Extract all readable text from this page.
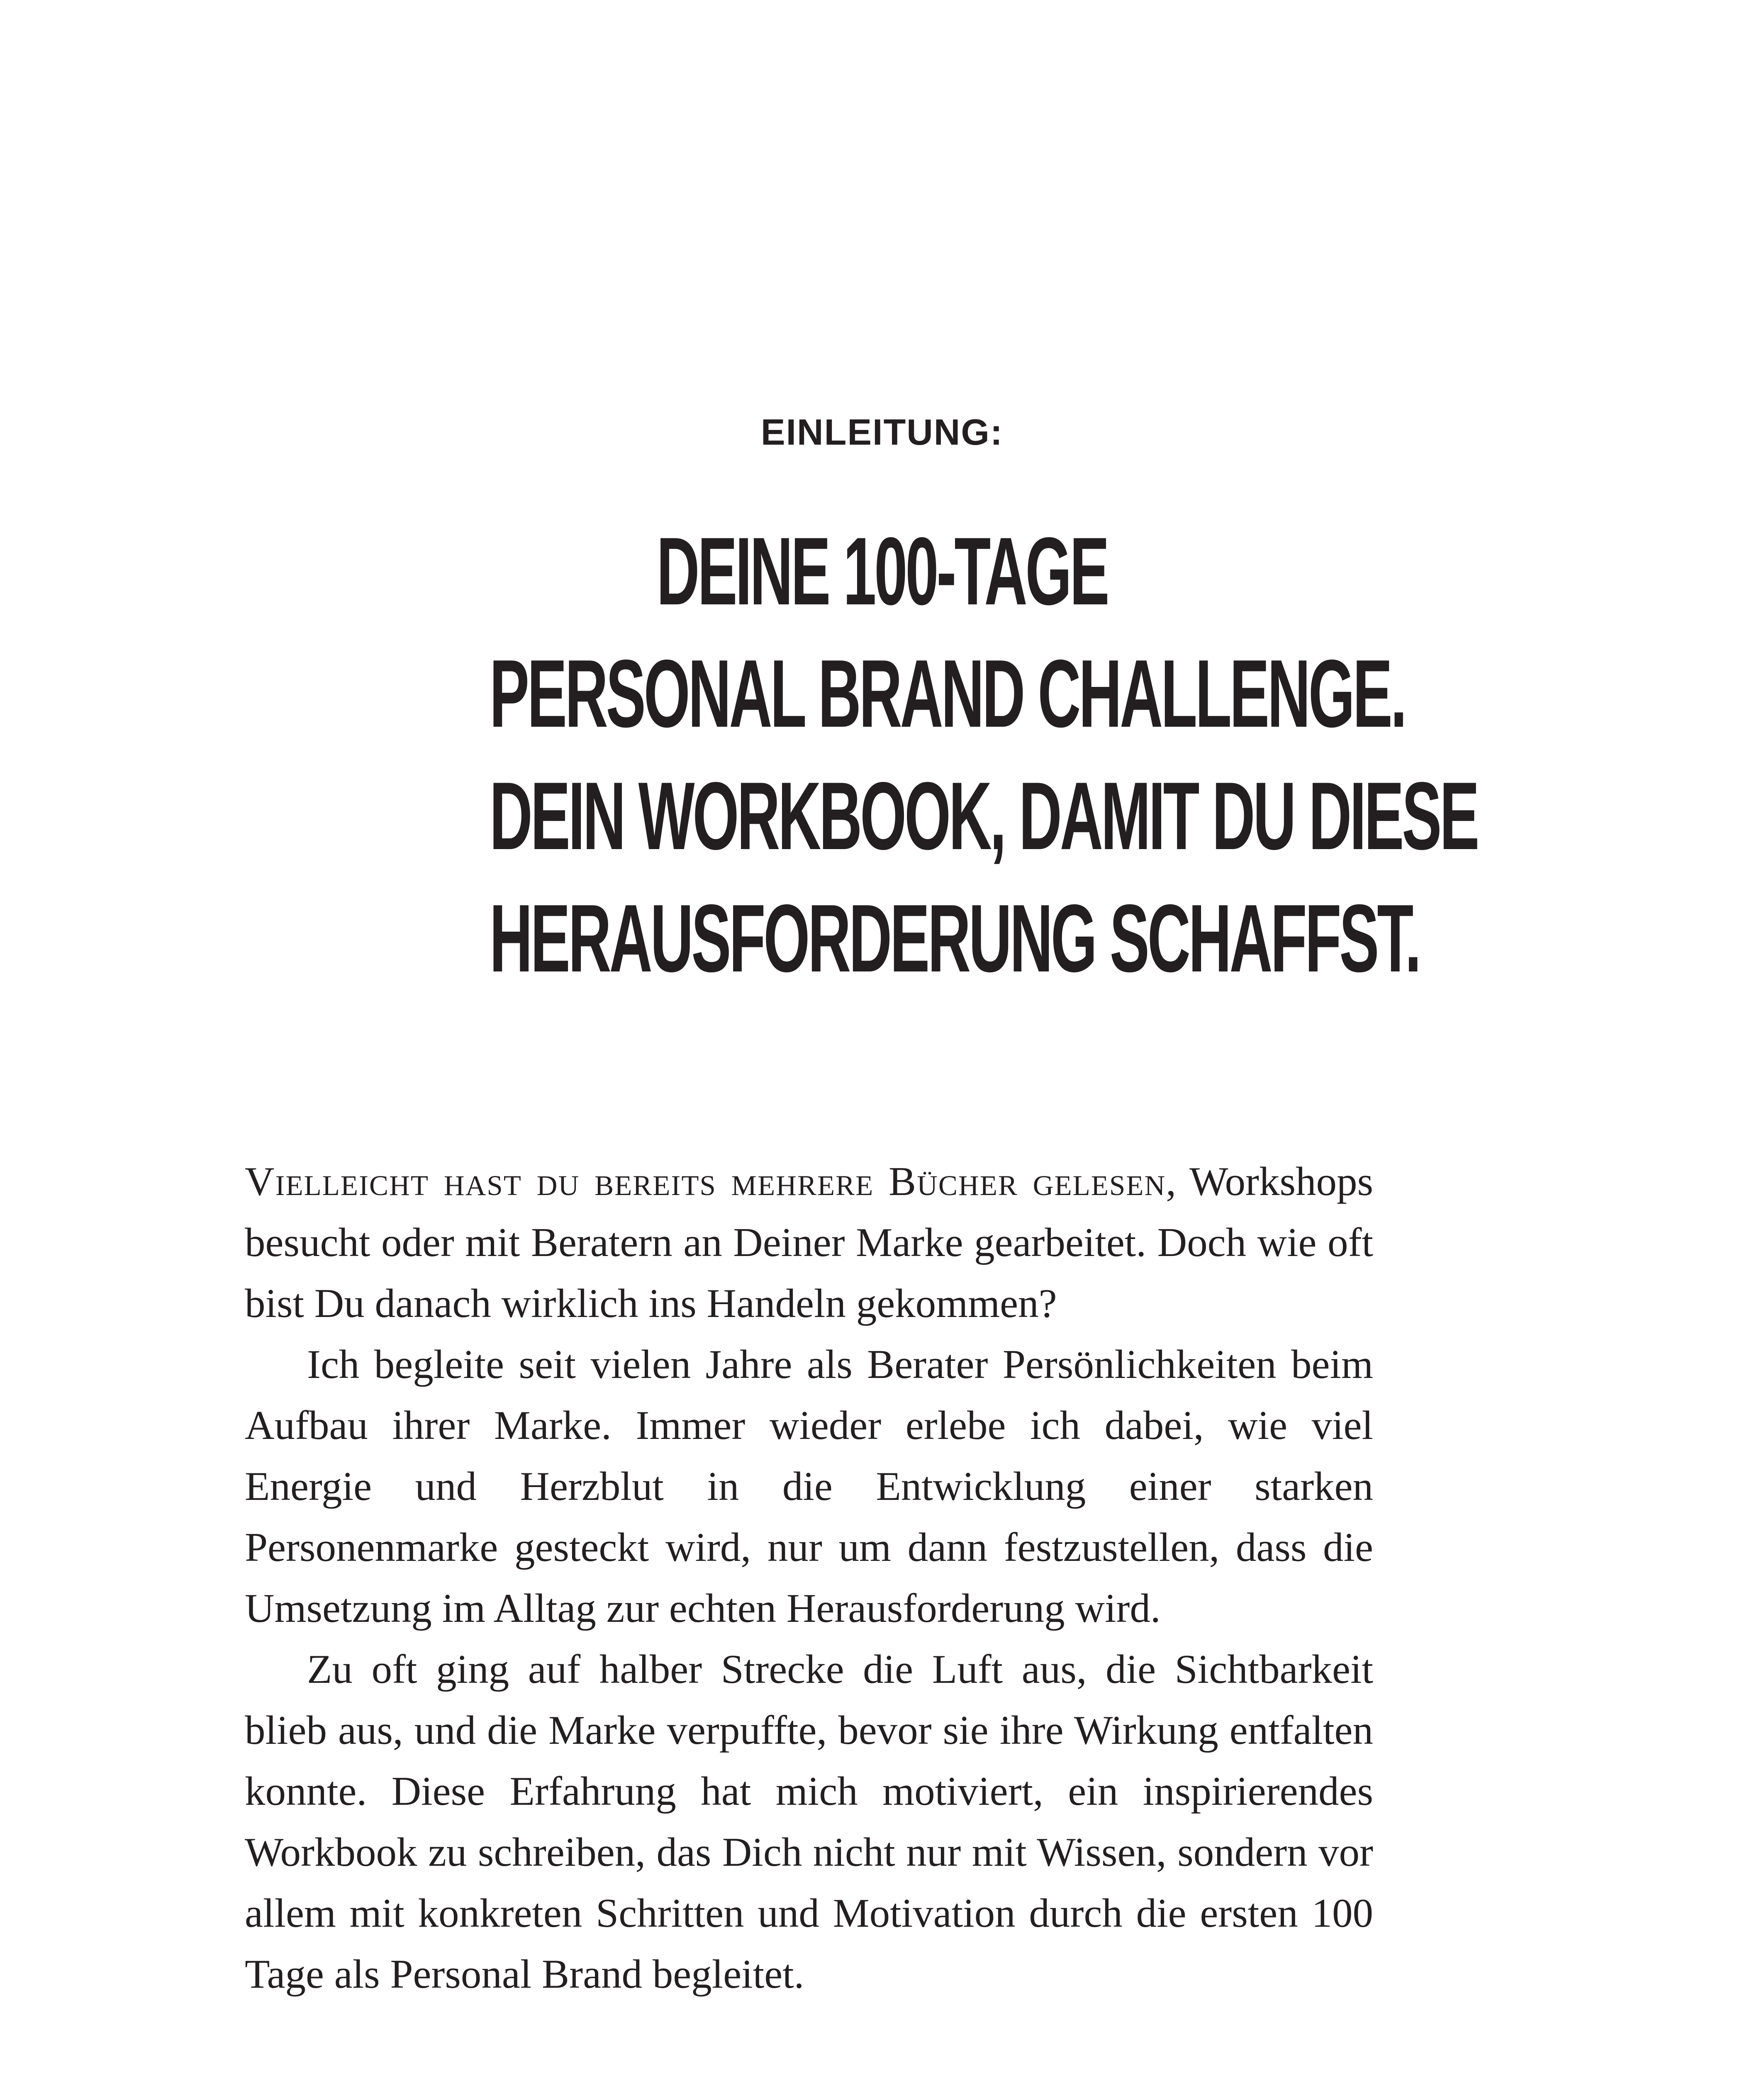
EINLEITUNG:
DEINE 100-TAGE
PERSONAL BRAND CHALLENGE.
DEIN WORKBOOK, DAMIT DU DIESE
HERAUSFORDERUNG SCHAFFST.

Vielleicht hast du bereits mehrere Bücher gelesen, Workshops besucht oder mit Beratern an Deiner Marke gearbeitet. Doch wie oft bist Du danach wirklich ins Handeln gekommen?

Ich begleite seit vielen Jahre als Berater Persönlichkeiten beim Aufbau ihrer Marke. Immer wieder erlebe ich dabei, wie viel Energie und Herzblut in die Entwicklung einer starken Personenmarke gesteckt wird, nur um dann festzustellen, dass die Umsetzung im Alltag zur echten Herausforderung wird.

Zu oft ging auf halber Strecke die Luft aus, die Sichtbarkeit blieb aus, und die Marke verpuffte, bevor sie ihre Wirkung entfalten konnte. Diese Erfahrung hat mich motiviert, ein inspirierendes Workbook zu schreiben, das Dich nicht nur mit Wissen, sondern vor allem mit konkreten Schritten und Motivation durch die ersten 100 Tage als Personal Brand begleitet.
